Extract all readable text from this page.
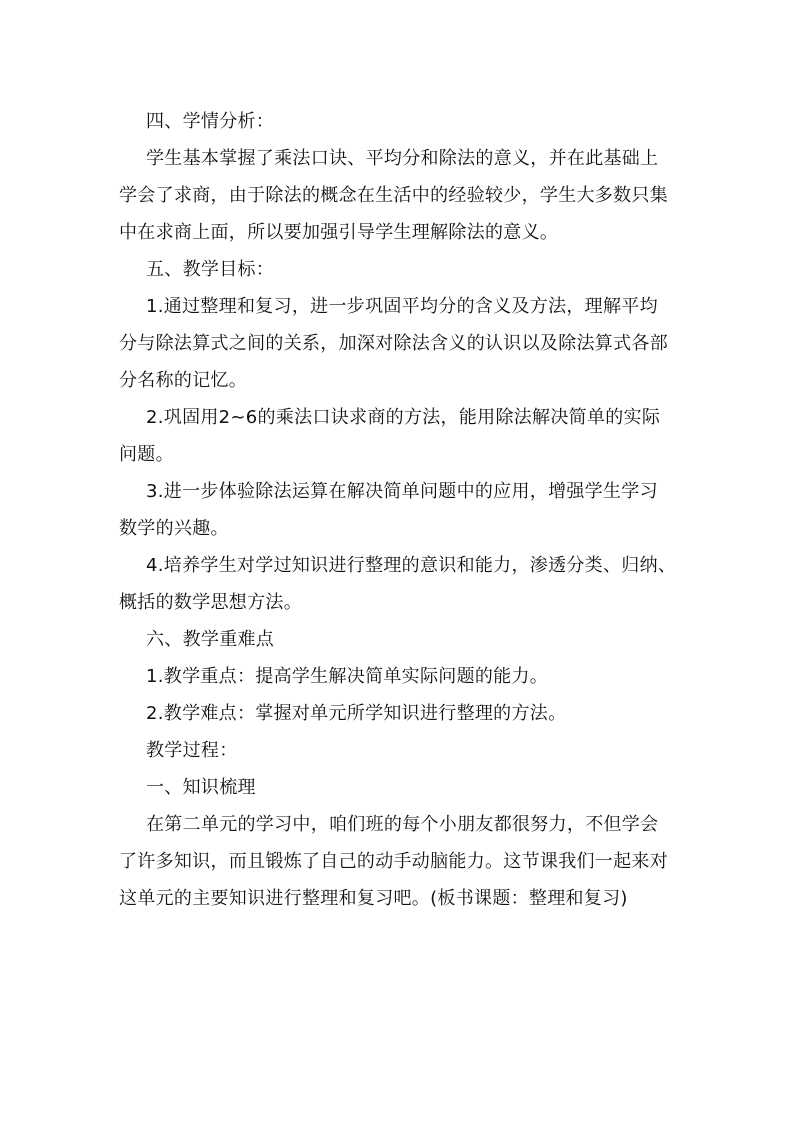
四、学情分析：
学生基本掌握了乘法口诀、平均分和除法的意义，并在此基础上
学会了求商，由于除法的概念在生活中的经验较少，学生大多数只集
中在求商上面，所以要加强引导学生理解除法的意义。
五、教学目标：
1.通过整理和复习，进一步巩固平均分的含义及方法，理解平均
分与除法算式之间的关系，加深对除法含义的认识以及除法算式各部
分名称的记忆。
2.巩固用2~6的乘法口诀求商的方法，能用除法解决简单的实际
问题。
3.进一步体验除法运算在解决简单问题中的应用，增强学生学习
数学的兴趣。
4.培养学生对学过知识进行整理的意识和能力，渗透分类、归纳、
概括的数学思想方法。
六、教学重难点
1.教学重点：提高学生解决简单实际问题的能力。
2.教学难点：掌握对单元所学知识进行整理的方法。
教学过程：
一、知识梳理
在第二单元的学习中，咱们班的每个小朋友都很努力，不但学会
了许多知识，而且锻炼了自己的动手动脑能力。这节课我们一起来对
这单元的主要知识进行整理和复习吧。(板书课题：整理和复习)
